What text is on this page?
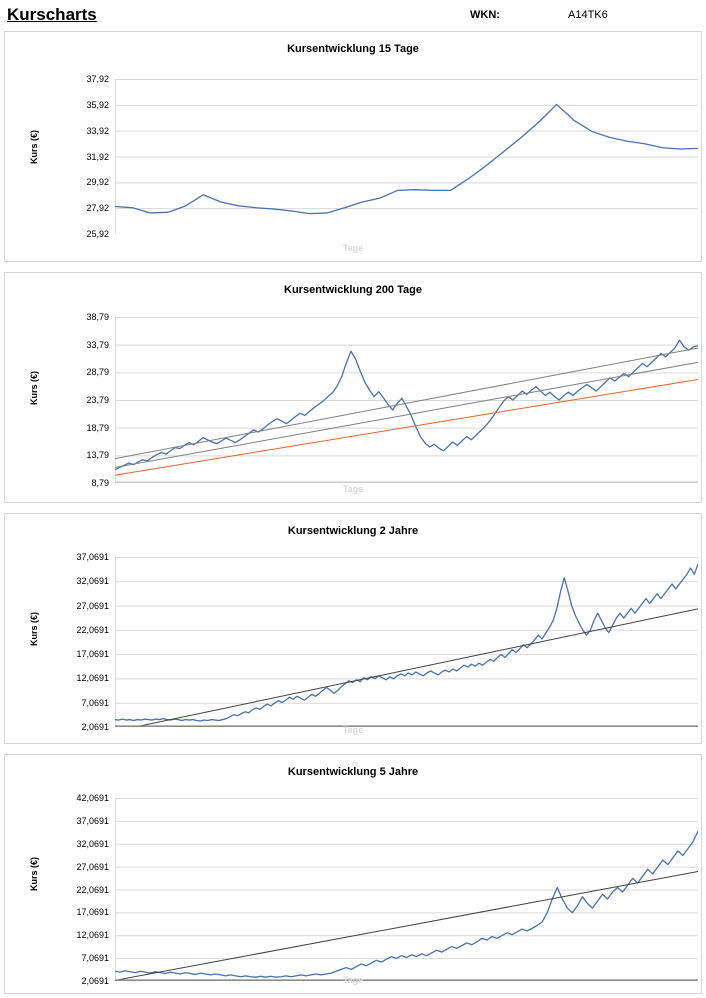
Kurscharts	WKN:	A14TK6
Kursentwicklung 15 Tage
Kurs (€)
25,92
27,92
29,92
31,92
33,92
35,92
37,92
Tage
Kursentwicklung 200 Tage
Kurs (€)
8,79
13,79
18,79
23,79
28,79
33,79
38,79
Tage
Kursentwicklung 2 Jahre
Kurs (€)
2,0691
7,0691
12,0691
17,0691
22,0691
27,0691
32,0691
37,0691
Tage
Kursentwicklung 5 Jahre
Kurs (€)
2,0691
7,0691
12,0691
17,0691
22,0691
27,0691
32,0691
37,0691
42,0691
Tage
